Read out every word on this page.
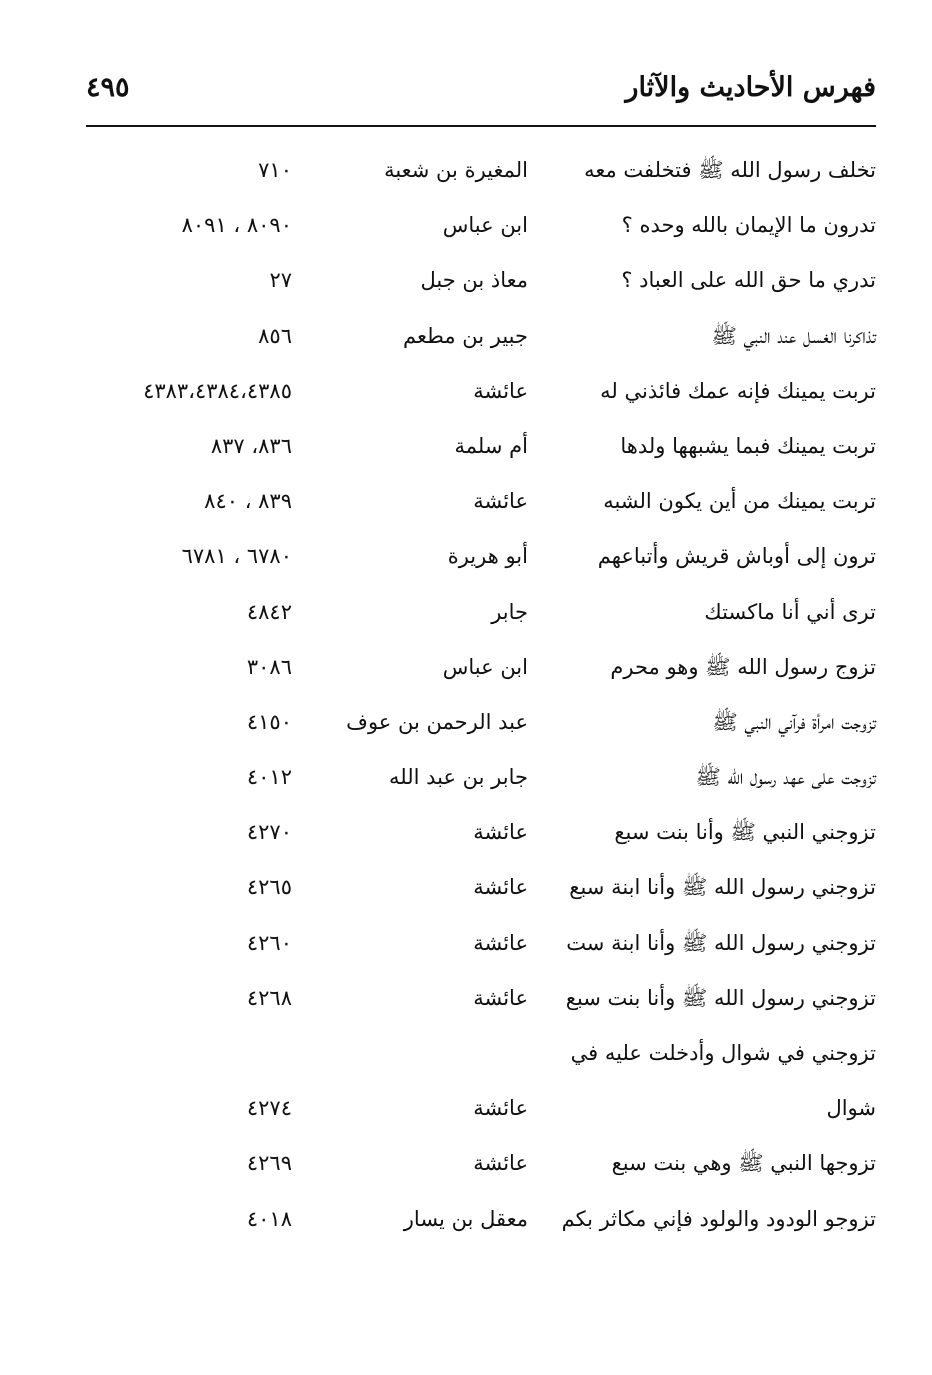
فهرس الأحاديث والآثار
٤٩٥
تخلف رسول الله ﷺ فتخلفت معه
المغيرة بن شعبة
٧١٠
تدرون ما الإيمان بالله وحده ؟
ابن عباس
٨٠٩٠ ، ٨٠٩١
تدري ما حق الله على العباد ؟
معاذ بن جبل
٢٧
تذاكرنا الغسل عند النبي ﷺ
جبير بن مطعم
٨٥٦
تربت يمينك فإنه عمك فائذني له
عائشة
٤٣٨٣،٤٣٨٤،٤٣٨٥
تربت يمينك فبما يشبهها ولدها
أم سلمة
٨٣٦، ٨٣٧
تربت يمينك من أين يكون الشبه
عائشة
٨٣٩ ، ٨٤٠
ترون إلى أوباش قريش وأتباعهم
أبو هريرة
٦٧٨٠ ، ٦٧٨١
ترى أني أنا ماكستك
جابر
٤٨٤٢
تزوج رسول الله ﷺ وهو محرم
ابن عباس
٣٠٨٦
تزوجت امرأة فرآني النبي ﷺ
عبد الرحمن بن عوف
٤١٥٠
تزوجت على عهد رسول الله ﷺ
جابر بن عبد الله
٤٠١٢
تزوجني النبي ﷺ وأنا بنت سبع
عائشة
٤٢٧٠
تزوجني رسول الله ﷺ وأنا ابنة سبع
عائشة
٤٢٦٥
تزوجني رسول الله ﷺ وأنا ابنة ست
عائشة
٤٢٦٠
تزوجني رسول الله ﷺ وأنا بنت سبع
عائشة
٤٢٦٨
تزوجني في شوال وأدخلت عليه في
شوال
عائشة
٤٢٧٤
تزوجها النبي ﷺ وهي بنت سبع
عائشة
٤٢٦٩
تزوجو الودود والولود فإني مكاثر بكم
معقل بن يسار
٤٠١٨
